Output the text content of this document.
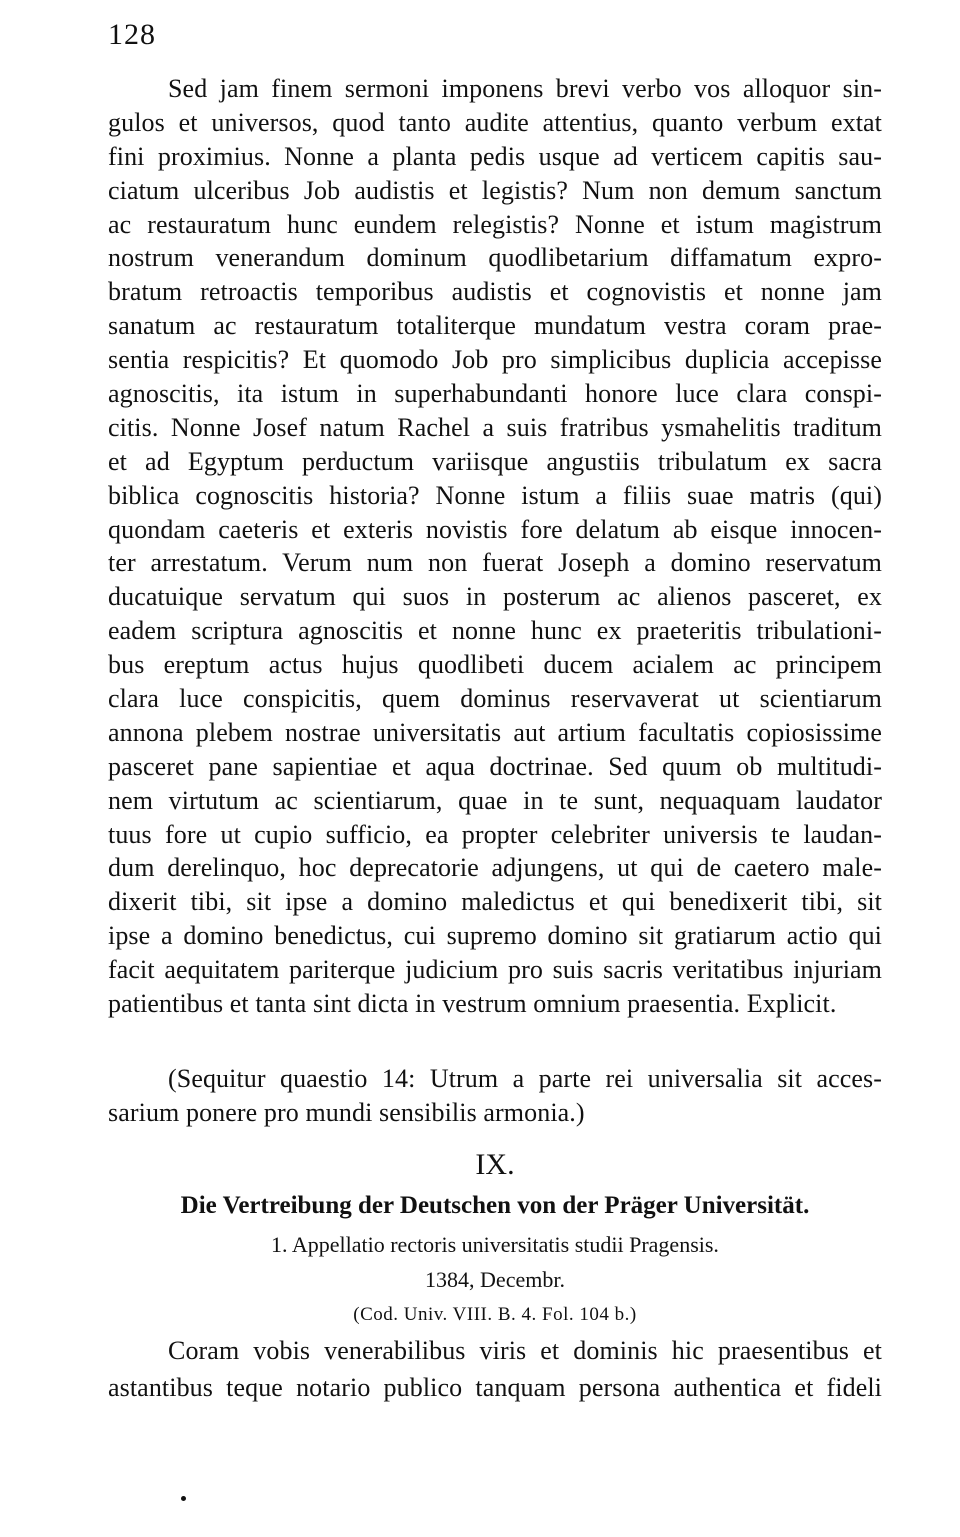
128
Sed jam finem sermoni imponens brevi verbo vos alloquor sin-
gulos et universos, quod tanto audite attentius, quanto verbum extat
fini proximius. Nonne a planta pedis usque ad verticem capitis sau-
ciatum ulceribus Job audistis et legistis? Num non demum sanctum
ac restauratum hunc eundem relegistis? Nonne et istum magistrum
nostrum venerandum dominum quodlibetarium diffamatum expro-
bratum retroactis temporibus audistis et cognovistis et nonne jam
sanatum ac restauratum totaliterque mundatum vestra coram prae-
sentia respicitis? Et quomodo Job pro simplicibus duplicia accepisse
agnoscitis, ita istum in superhabundanti honore luce clara conspi-
citis. Nonne Josef natum Rachel a suis fratribus ysmahelitis traditum
et ad Egyptum perductum variisque angustiis tribulatum ex sacra
biblica cognoscitis historia? Nonne istum a filiis suae matris (qui)
quondam caeteris et exteris novistis fore delatum ab eisque innocen-
ter arrestatum. Verum num non fuerat Joseph a domino reservatum
ducatuique servatum qui suos in posterum ac alienos pasceret, ex
eadem scriptura agnoscitis et nonne hunc ex praeteritis tribulationi-
bus ereptum actus hujus quodlibeti ducem acialem ac principem
clara luce conspicitis, quem dominus reservaverat ut scientiarum
annona plebem nostrae universitatis aut artium facultatis copiosissime
pasceret pane sapientiae et aqua doctrinae. Sed quum ob multitudi-
nem virtutum ac scientiarum, quae in te sunt, nequaquam laudator
tuus fore ut cupio sufficio, ea propter celebriter universis te laudan-
dum derelinquo, hoc deprecatorie adjungens, ut qui de caetero male-
dixerit tibi, sit ipse a domino maledictus et qui benedixerit tibi, sit
ipse a domino benedictus, cui supremo domino sit gratiarum actio qui
facit aequitatem pariterque judicium pro suis sacris veritatibus injuriam
patientibus et tanta sint dicta in vestrum omnium praesentia. Explicit.
(Sequitur quaestio 14: Utrum a parte rei universalia sit acces-
sarium ponere pro mundi sensibilis armonia.)
IX.
Die Vertreibung der Deutschen von der Präger Universität.
1. Appellatio rectoris universitatis studii Pragensis.
1384, Decembr.
(Cod. Univ. VIII. B. 4. Fol. 104 b.)
Coram vobis venerabilibus viris et dominis hic praesentibus et
astantibus teque notario publico tanquam persona authentica et fideli
